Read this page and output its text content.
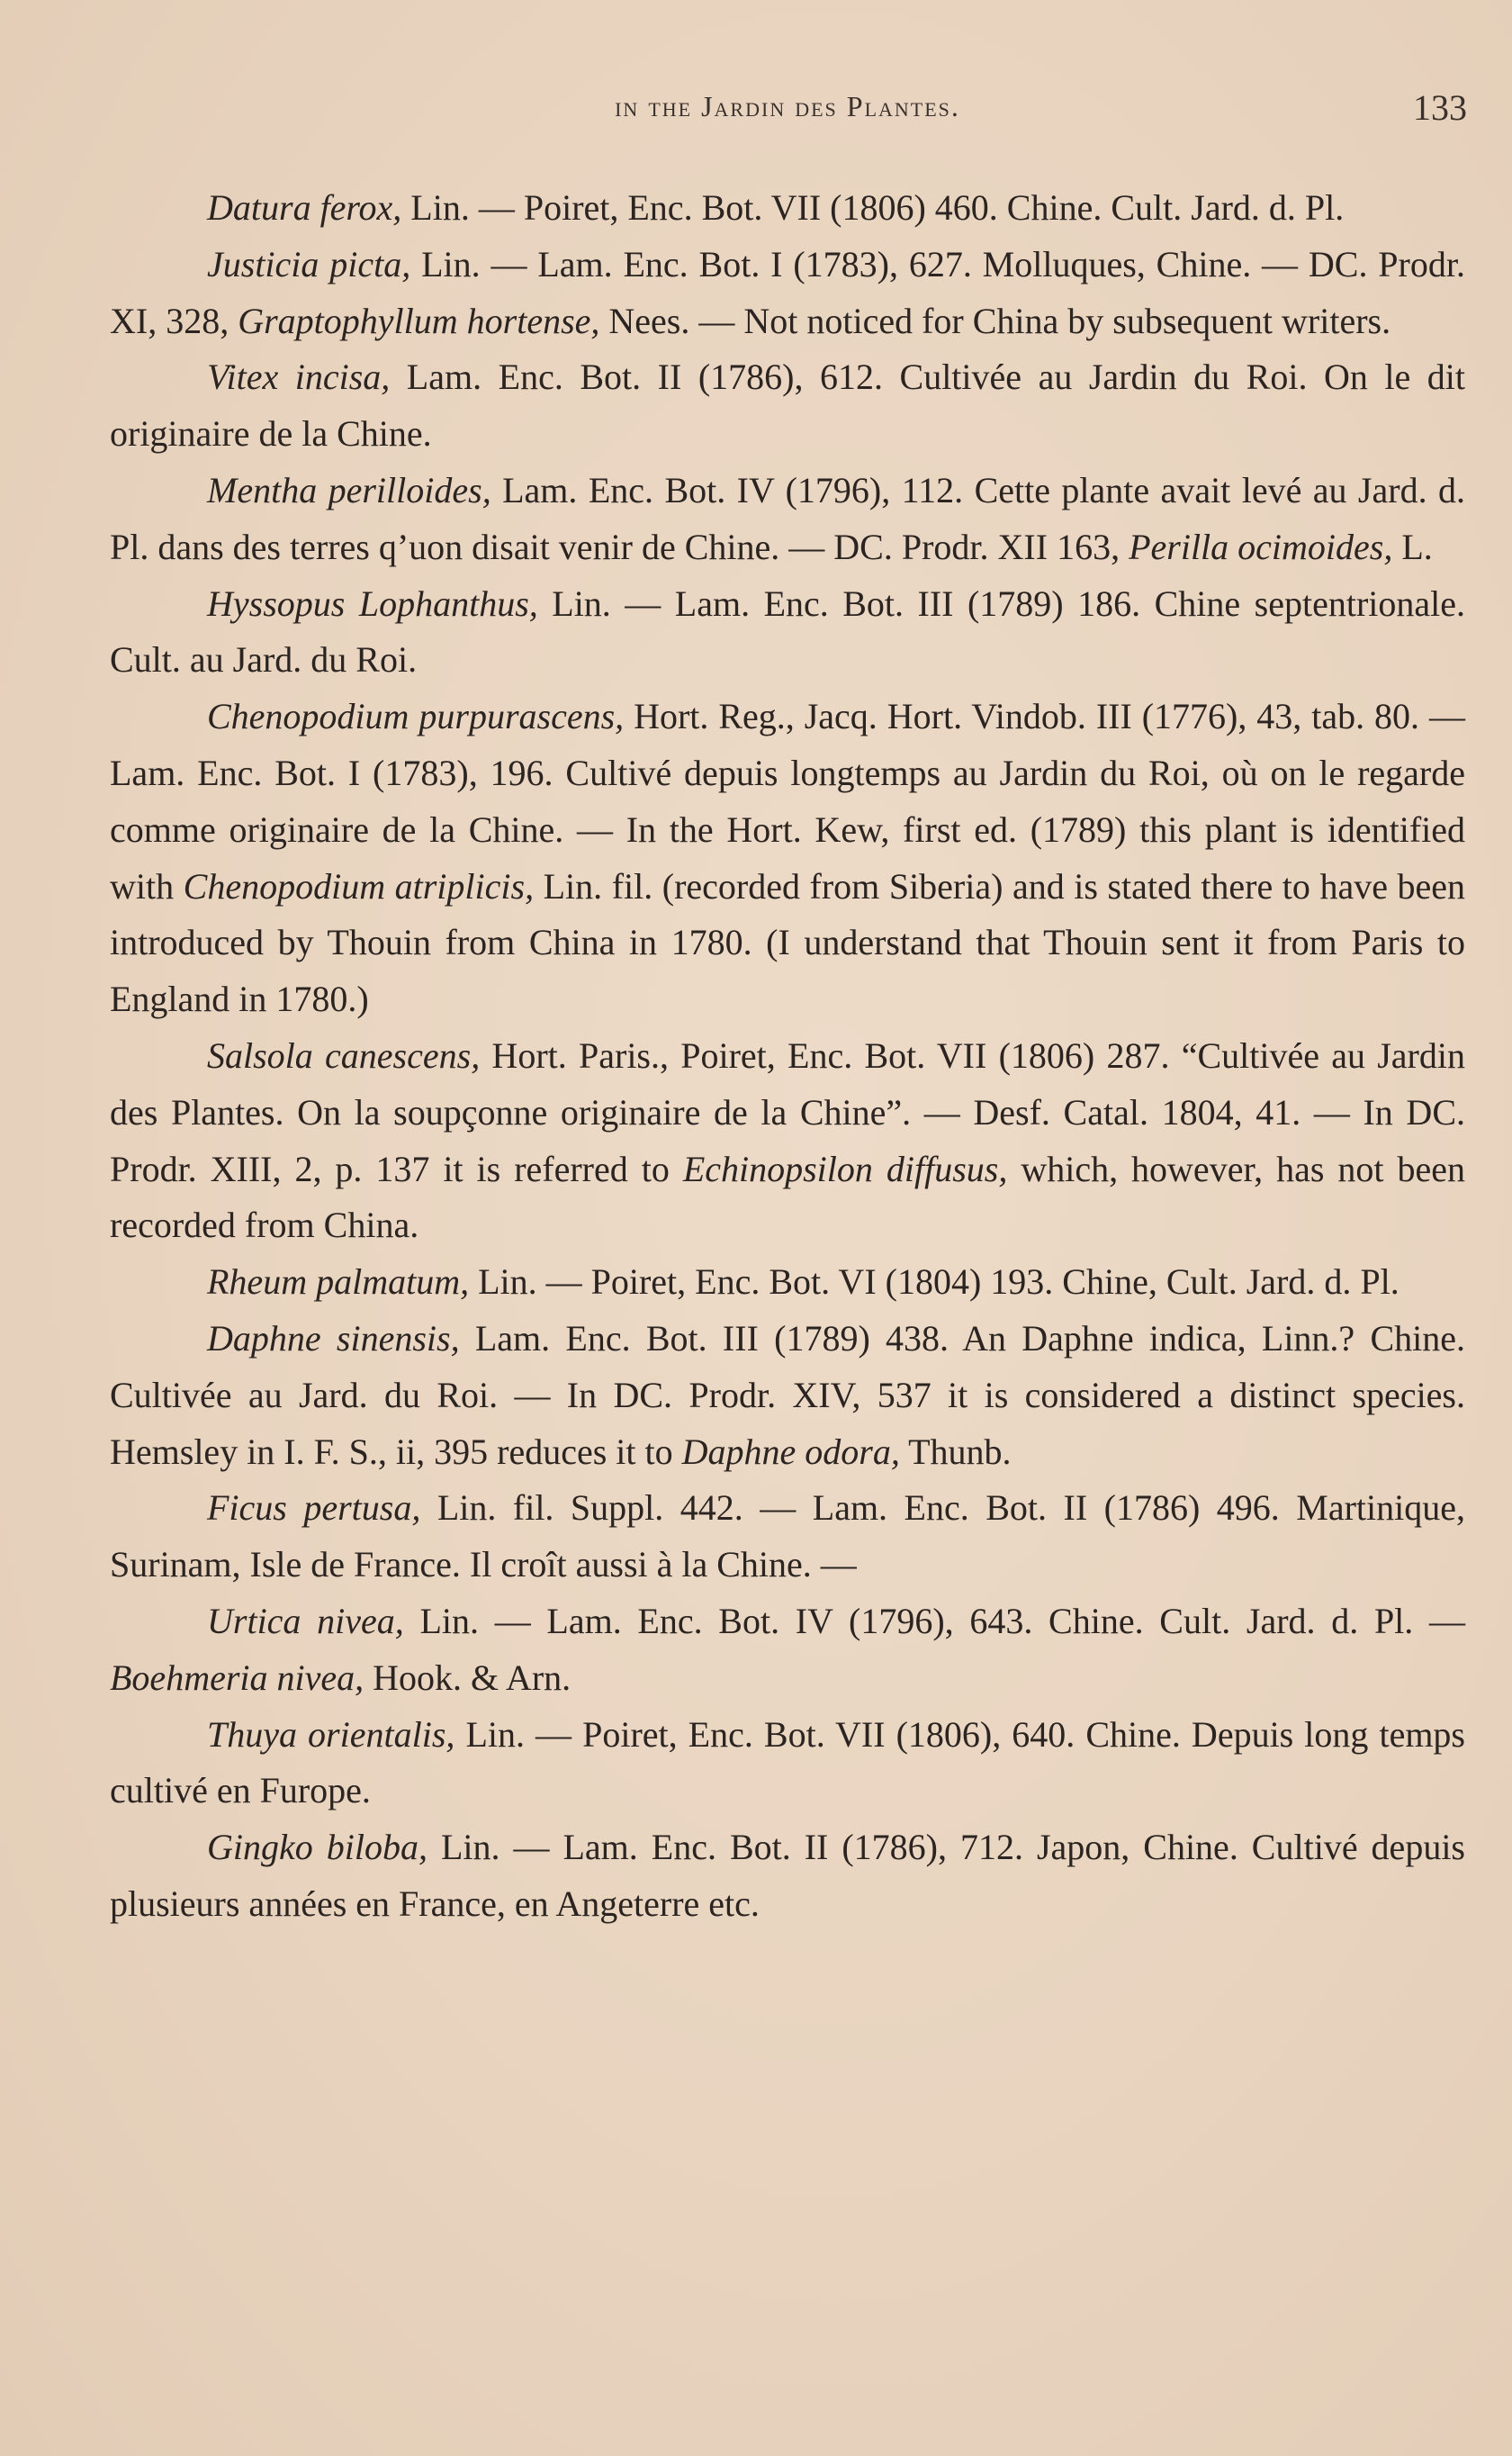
in the Jardin des Plantes.	133

Datura ferox, Lin. — Poiret, Enc. Bot. VII (1806) 460. Chine. Cult. Jard. d. Pl.

Justicia picta, Lin. — Lam. Enc. Bot. I (1783), 627. Molluques, Chine. — DC. Prodr. XI, 328, Graptophyllum hortense, Nees. — Not noticed for China by subsequent writers.

Vitex incisa, Lam. Enc. Bot. II (1786), 612. Cultivée au Jardin du Roi. On le dit originaire de la Chine.

Mentha perilloides, Lam. Enc. Bot. IV (1796), 112. Cette plante avait levé au Jard. d. Pl. dans des terres q’uon disait venir de Chine. — DC. Prodr. XII 163, Perilla ocimoides, L.

Hyssopus Lophanthus, Lin. — Lam. Enc. Bot. III (1789) 186. Chine septentrionale. Cult. au Jard. du Roi.

Chenopodium purpurascens, Hort. Reg., Jacq. Hort. Vindob. III (1776), 43, tab. 80. — Lam. Enc. Bot. I (1783), 196. Cultivé depuis longtemps au Jardin du Roi, où on le regarde comme originaire de la Chine. — In the Hort. Kew, first ed. (1789) this plant is identified with Chenopodium atriplicis, Lin. fil. (recorded from Siberia) and is stated there to have been introduced by Thouin from China in 1780. (I understand that Thouin sent it from Paris to England in 1780.)

Salsola canescens, Hort. Paris., Poiret, Enc. Bot. VII (1806) 287. “Cultivée au Jardin des Plantes. On la soupçonne originaire de la Chine”. — Desf. Catal. 1804, 41. — In DC. Prodr. XIII, 2, p. 137 it is referred to Echinopsilon diffusus, which, however, has not been recorded from China.

Rheum palmatum, Lin. — Poiret, Enc. Bot. VI (1804) 193. Chine, Cult. Jard. d. Pl.

Daphne sinensis, Lam. Enc. Bot. III (1789) 438. An Daphne indica, Linn.? Chine. Cultivée au Jard. du Roi. — In DC. Prodr. XIV, 537 it is considered a distinct species. Hemsley in I. F. S., ii, 395 reduces it to Daphne odora, Thunb.

Ficus pertusa, Lin. fil. Suppl. 442. — Lam. Enc. Bot. II (1786) 496. Martinique, Surinam, Isle de France. Il croît aussi à la Chine. —

Urtica nivea, Lin. — Lam. Enc. Bot. IV (1796), 643. Chine. Cult. Jard. d. Pl. — Boehmeria nivea, Hook. & Arn.

Thuya orientalis, Lin. — Poiret, Enc. Bot. VII (1806), 640. Chine. Depuis long temps cultivé en Furope.

Gingko biloba, Lin. — Lam. Enc. Bot. II (1786), 712. Japon, Chine. Cultivé depuis plusieurs années en France, en Angeterre etc.
